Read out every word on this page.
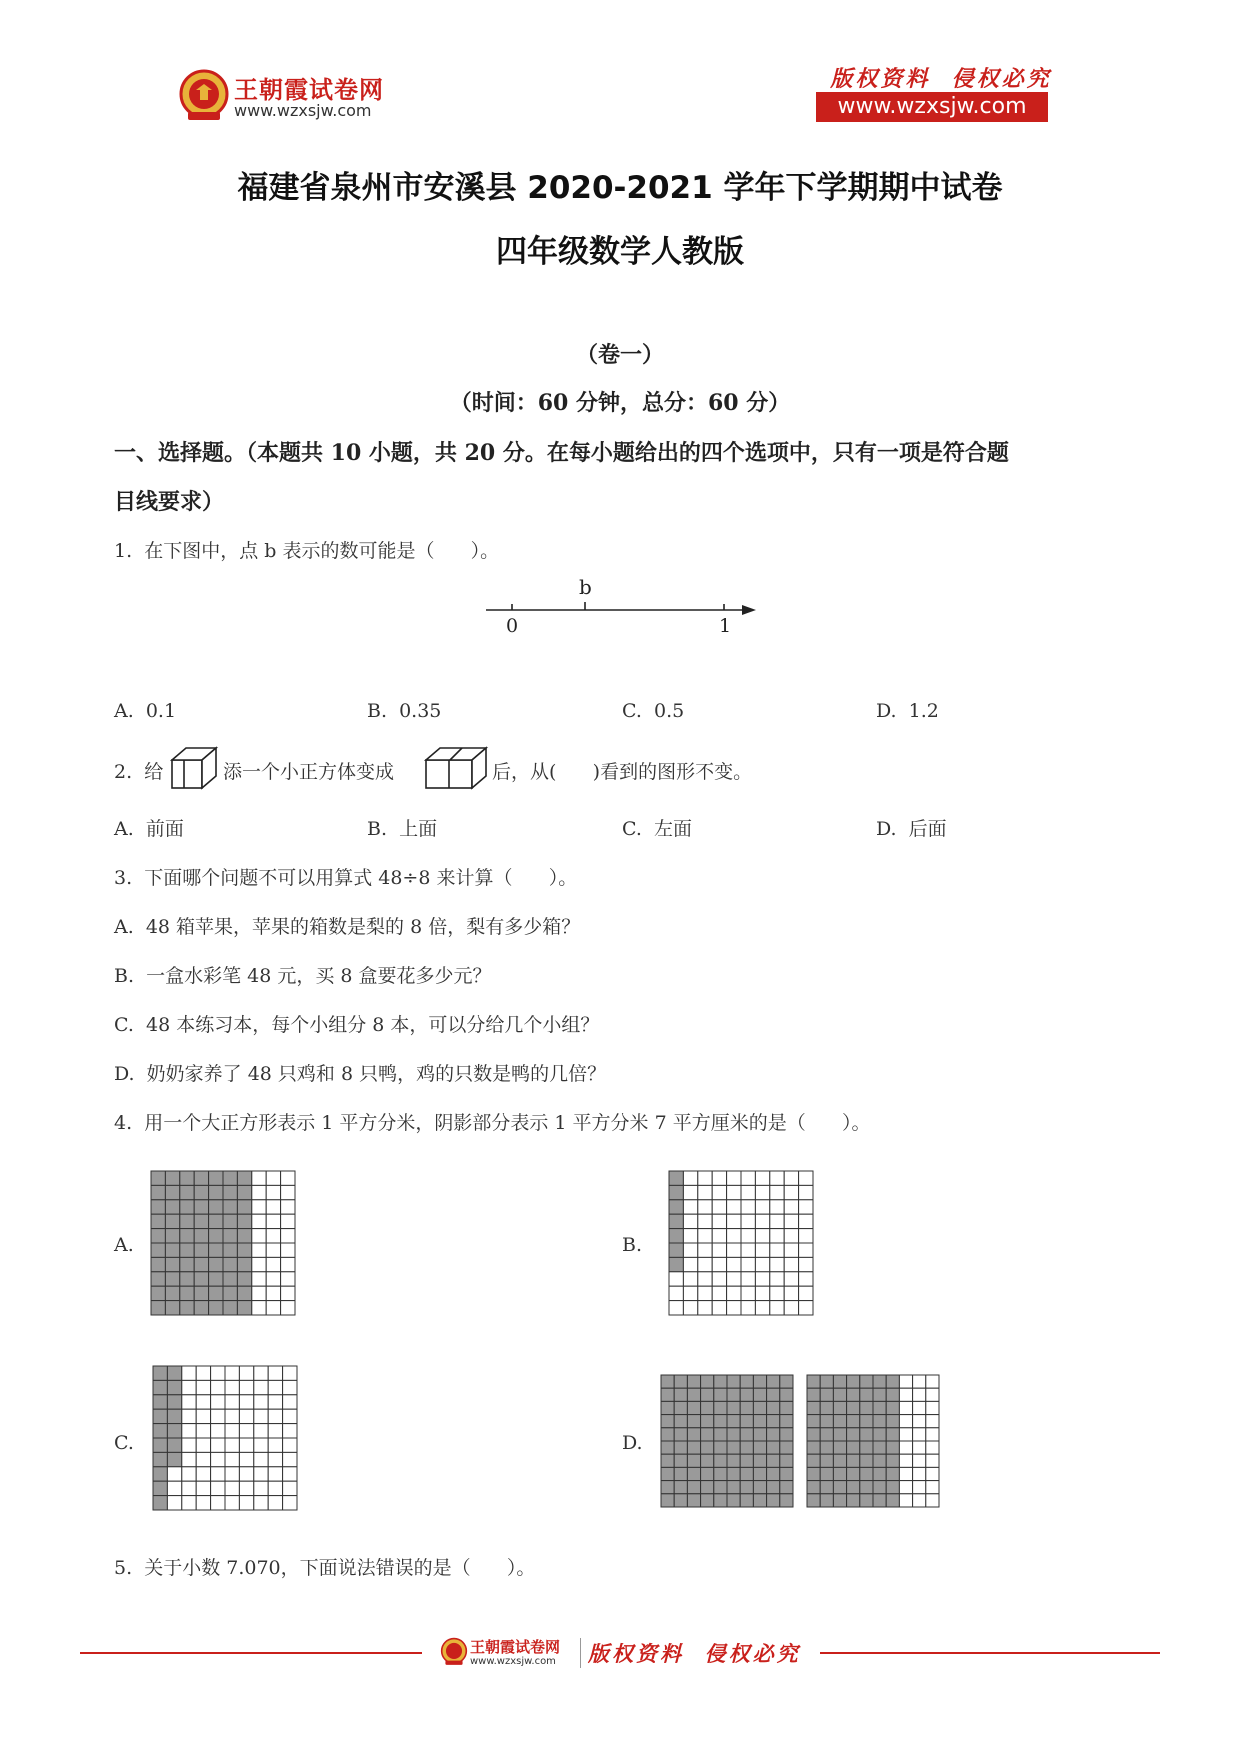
王朝霞试卷网
www.wzxsjw.com
版权资料  侵权必究
www.wzxsjw.com
福建省泉州市安溪县 2020-2021 学年下学期期中试卷
四年级数学人教版
（卷一）
（时间：60 分钟，总分：60 分）
一、选择题。（本题共 10 小题，共 20 分。在每小题给出的四个选项中，只有一项是符合题
目线要求）
1.  在下图中，点 b 表示的数可能是（      ）。
b
0	1
A.  0.1	B.  0.35	C.  0.5	D.  1.2
2.  给	添一个小正方体变成	后，从(      )看到的图形不变。
A.  前面	B.  上面	C.  左面	D.  后面
3.  下面哪个问题不可以用算式 48÷8 来计算（      ）。
A.  48 箱苹果，苹果的箱数是梨的 8 倍，梨有多少箱？
B.  一盒水彩笔 48 元，买 8 盒要花多少元？
C.  48 本练习本，每个小组分 8 本，可以分给几个小组？
D.  奶奶家养了 48 只鸡和 8 只鸭，鸡的只数是鸭的几倍？
4.  用一个大正方形表示 1 平方分米，阴影部分表示 1 平方分米 7 平方厘米的是（      ）。
A.	B.
C.	D.
5.  关于小数 7.070，下面说法错误的是（      ）。
王朝霞试卷网
www.wzxsjw.com 版权资料  侵权必究
